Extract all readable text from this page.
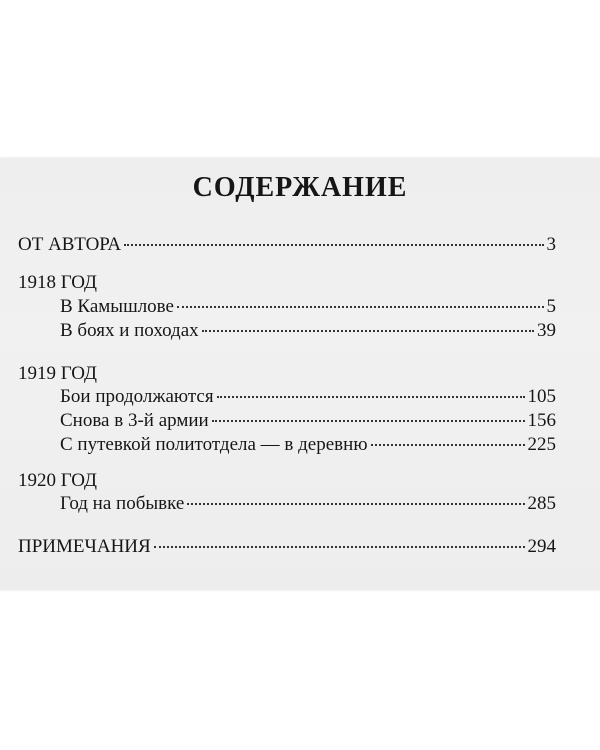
СОДЕРЖАНИЕ
ОТ АВТОРА	3
1918 ГОД
В Камышлове	5
В боях и походах	39
1919 ГОД
Бои продолжаются	105
Снова в 3-й армии	156
С путевкой политотдела — в деревню	225
1920 ГОД
Год на побывке	285
ПРИМЕЧАНИЯ	294
